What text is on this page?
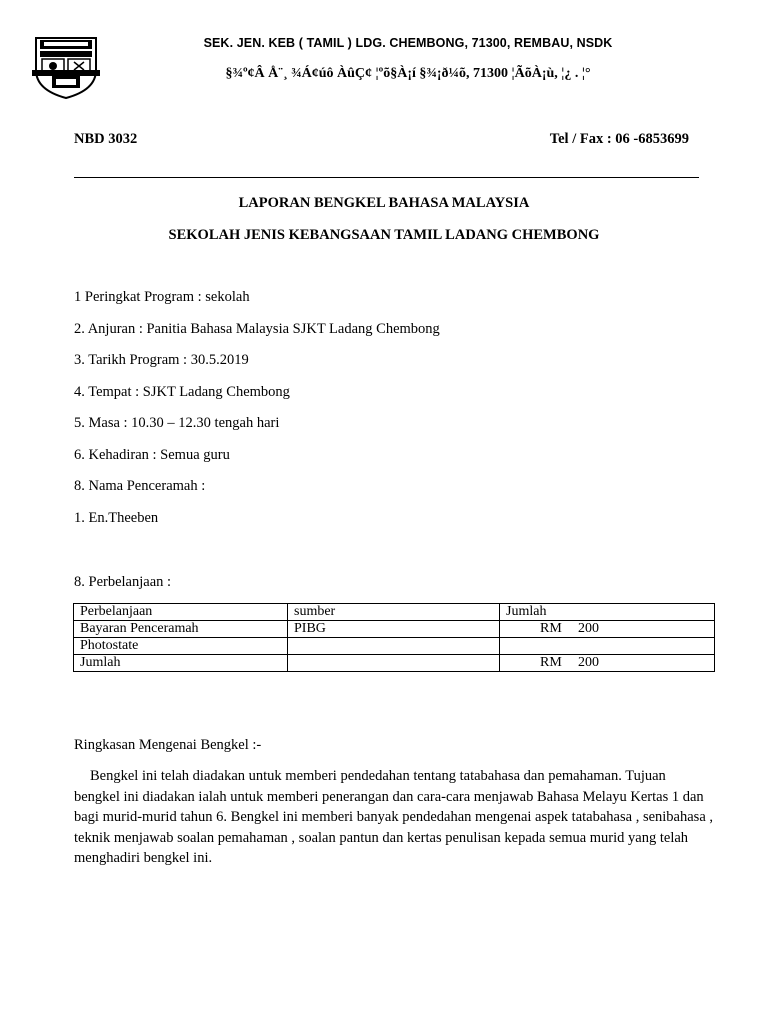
SEK. JEN. KEB ( TAMIL ) LDG. CHEMBONG, 71300, REMBAU, NSDK
§¾º¢Â Å¨¸ ¾Á¢úô ÀûÇ¢ ¦ºõ§À¡í §¾¡ð¼õ, 71300 ¦ÃõÀ¡ù, ¦¿ . ¦°
NBD 3032	Tel / Fax : 06 -6853699
LAPORAN BENGKEL BAHASA MALAYSIA
SEKOLAH JENIS KEBANGSAAN TAMIL LADANG CHEMBONG
1 Peringkat Program : sekolah
2. Anjuran : Panitia Bahasa Malaysia SJKT Ladang Chembong
3. Tarikh Program : 30.5.2019
4. Tempat : SJKT Ladang Chembong
5. Masa : 10.30 – 12.30 tengah hari
6. Kehadiran : Semua guru
8. Nama Penceramah :
1. En.Theeben
8. Perbelanjaan :
Perbelanjaan	sumber	Jumlah
Bayaran Penceramah	PIBG	RM 200
Photostate		
Jumlah		RM 200
Ringkasan Mengenai Bengkel :-
Bengkel ini telah diadakan untuk memberi pendedahan tentang tatabahasa dan pemahaman. Tujuan bengkel ini diadakan ialah untuk memberi penerangan dan cara-cara menjawab Bahasa Melayu Kertas 1 dan bagi murid-murid tahun 6. Bengkel ini memberi banyak pendedahan mengenai aspek tatabahasa , senibahasa , teknik menjawab soalan pemahaman , soalan pantun dan kertas penulisan kepada semua murid yang telah menghadiri bengkel ini.
